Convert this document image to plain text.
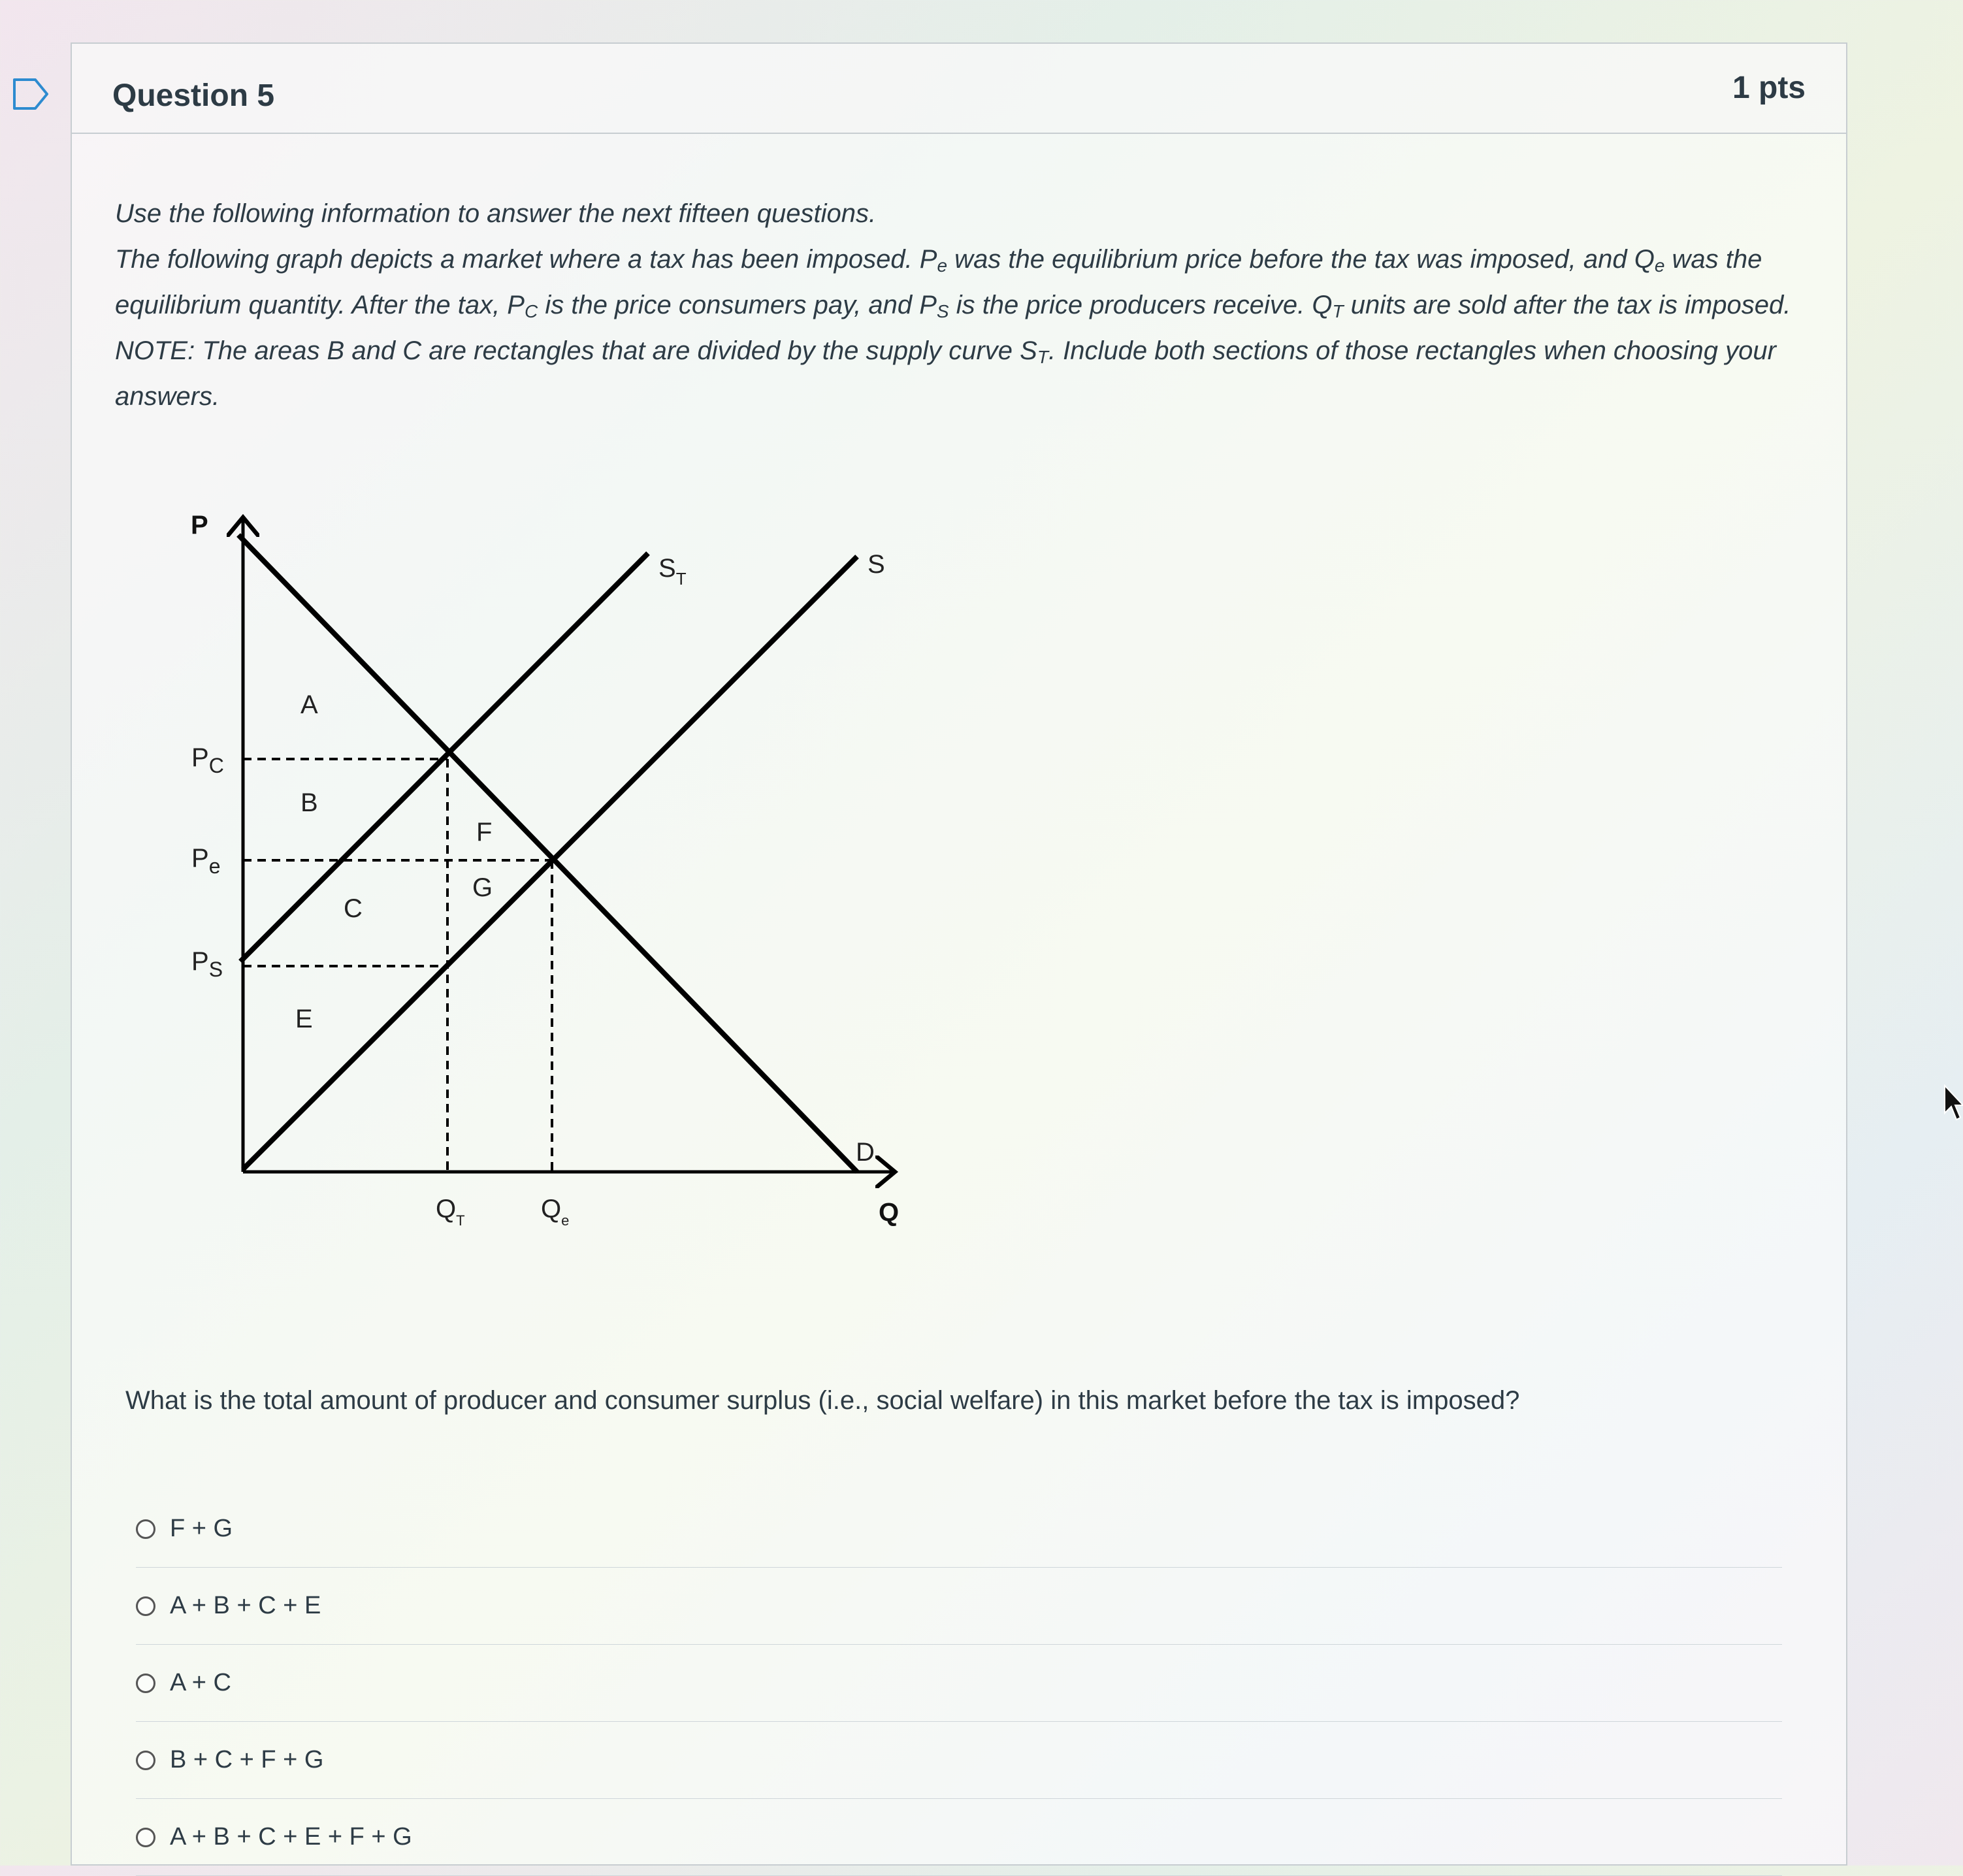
Question 5	1 pts

Use the following information to answer the next fifteen questions.

The following graph depicts a market where a tax has been imposed. $P_e$ was the equilibrium price before the tax was imposed, and $Q_e$ was the equilibrium quantity. After the tax, $P_C$ is the price consumers pay, and $P_S$ is the price producers receive. $Q_T$ units are sold after the tax is imposed.

NOTE: The areas B and C are rectangles that are divided by the supply curve $S_T$. Include both sections of those rectangles when choosing your answers.

P
Q
ST	S
D
PC
Pe
PS
QT	Qe
A
B
C
E
F
G
What is the total amount of producer and consumer surplus (i.e., social welfare) in this market before the tax is imposed?
F + G
A + B + C + E
A + C
B + C + F + G
A + B + C + E + F + G
